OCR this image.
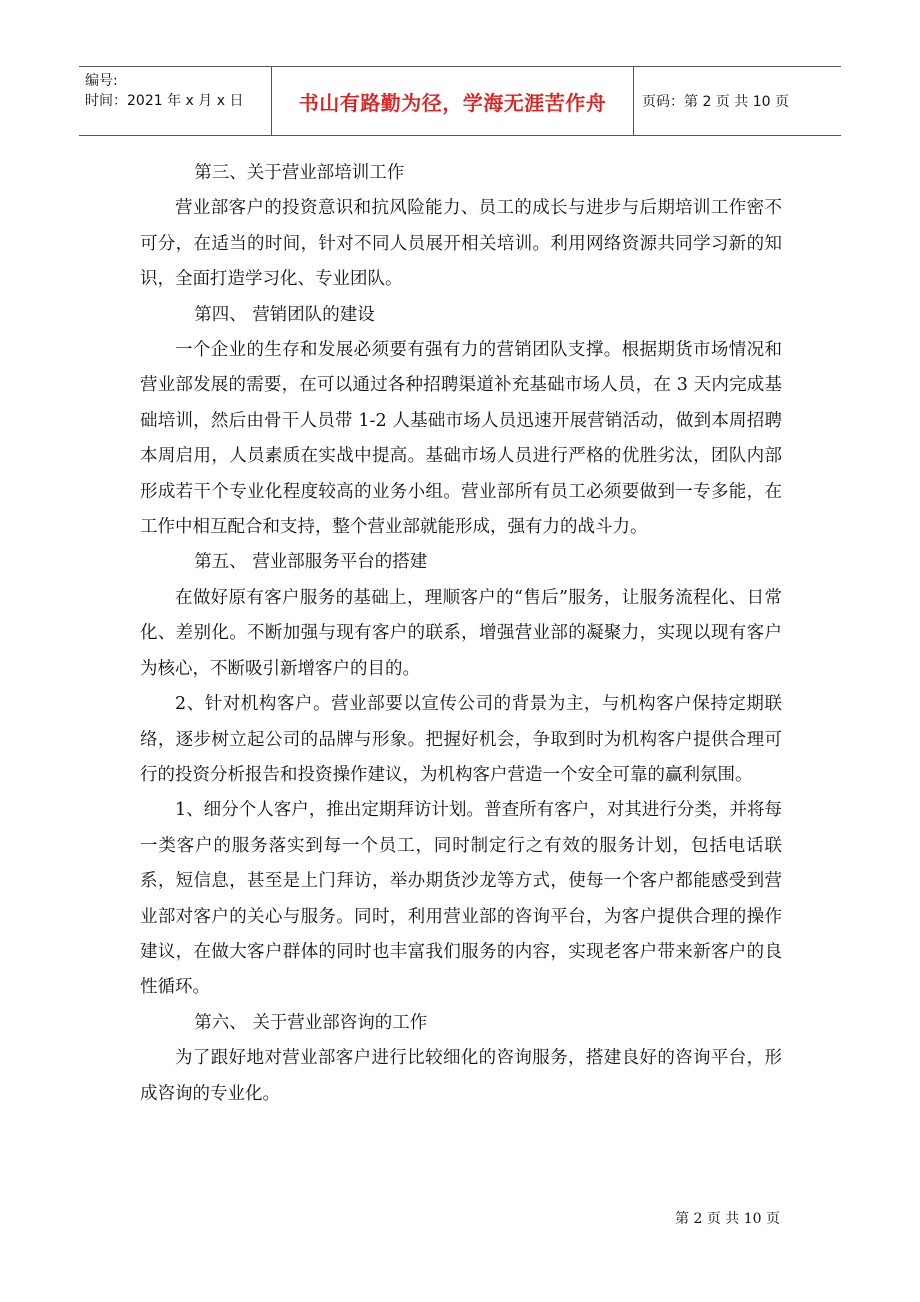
编号:
时间：2021 年 x 月 x 日	书山有路勤为径，学海无涯苦作舟	页码：第 2 页 共 10 页

第三、关于营业部培训工作

营业部客户的投资意识和抗风险能力、员工的成长与进步与后期培训工作密不可分，在适当的时间，针对不同人员展开相关培训。利用网络资源共同学习新的知识，全面打造学习化、专业团队。

第四、 营销团队的建设

一个企业的生存和发展必须要有强有力的营销团队支撑。根据期货市场情况和营业部发展的需要，在可以通过各种招聘渠道补充基础市场人员，在 3 天内完成基础培训，然后由骨干人员带 1-2 人基础市场人员迅速开展营销活动，做到本周招聘本周启用，人员素质在实战中提高。基础市场人员进行严格的优胜劣汰，团队内部形成若干个专业化程度较高的业务小组。营业部所有员工必须要做到一专多能，在工作中相互配合和支持，整个营业部就能形成，强有力的战斗力。

第五、 营业部服务平台的搭建

在做好原有客户服务的基础上，理顺客户的“售后”服务，让服务流程化、日常化、差别化。不断加强与现有客户的联系，增强营业部的凝聚力，实现以现有客户为核心，不断吸引新增客户的目的。

2、针对机构客户。营业部要以宣传公司的背景为主，与机构客户保持定期联络，逐步树立起公司的品牌与形象。把握好机会，争取到时为机构客户提供合理可行的投资分析报告和投资操作建议，为机构客户营造一个安全可靠的赢利氛围。

1、细分个人客户，推出定期拜访计划。普查所有客户，对其进行分类，并将每一类客户的服务落实到每一个员工，同时制定行之有效的服务计划，包括电话联系，短信息，甚至是上门拜访，举办期货沙龙等方式，使每一个客户都能感受到营业部对客户的关心与服务。同时，利用营业部的咨询平台，为客户提供合理的操作建议，在做大客户群体的同时也丰富我们服务的内容，实现老客户带来新客户的良性循环。

第六、 关于营业部咨询的工作

为了跟好地对营业部客户进行比较细化的咨询服务，搭建良好的咨询平台，形成咨询的专业化。

第 2 页 共 10 页
